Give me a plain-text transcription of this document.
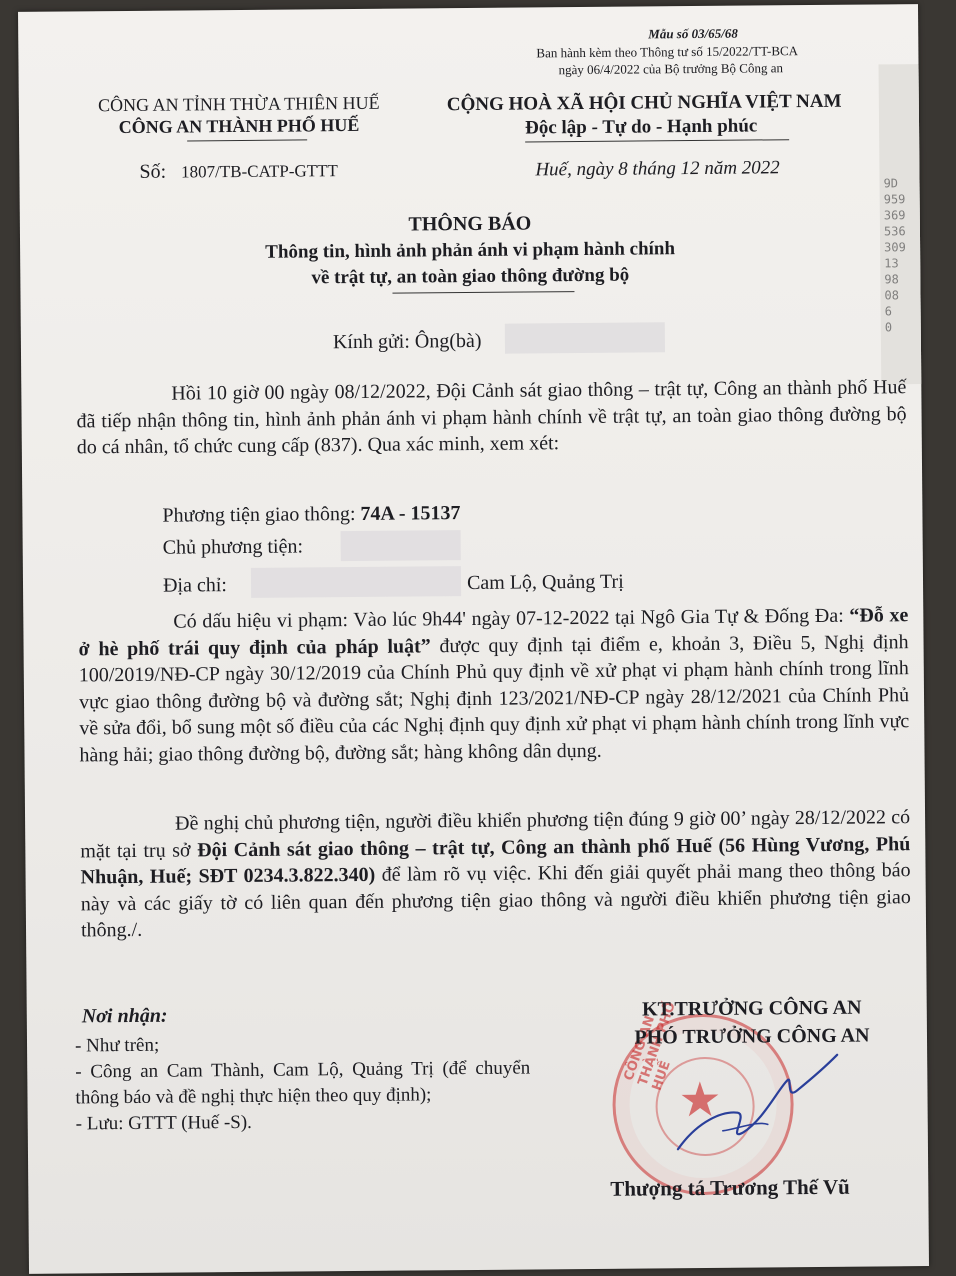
9D
959
369
536
309
13
98
08
6
0
Mẫu số 03/65/68
Ban hành kèm theo Thông tư số 15/2022/TT-BCA
ngày 06/4/2022 của Bộ trưởng Bộ Công an
CÔNG AN TỈNH THỪA THIÊN HUẾ
CÔNG AN THÀNH PHỐ HUẾ
Số: 1807/TB-CATP-GTTT
CỘNG HOÀ XÃ HỘI CHỦ NGHĨA VIỆT NAM
Độc lập - Tự do - Hạnh phúc
Huế, ngày 8 tháng 12 năm 2022
THÔNG BÁO
Thông tin, hình ảnh phản ánh vi phạm hành chính
về trật tự, an toàn giao thông đường bộ
Kính gửi: Ông(bà)
Hồi 10 giờ 00 ngày 08/12/2022, Đội Cảnh sát giao thông – trật tự, Công an thành phố Huế đã tiếp nhận thông tin, hình ảnh phản ánh vi phạm hành chính về trật tự, an toàn giao thông đường bộ do cá nhân, tổ chức cung cấp (837). Qua xác minh, xem xét:
Phương tiện giao thông: 74A - 15137
Chủ phương tiện:
Địa chỉ:	Cam Lộ, Quảng Trị
Có dấu hiệu vi phạm: Vào lúc 9h44' ngày 07-12-2022 tại Ngô Gia Tự & Đống Đa: “Đỗ xe ở hè phố trái quy định của pháp luật” được quy định tại điểm e, khoản 3, Điều 5, Nghị định 100/2019/NĐ-CP ngày 30/12/2019 của Chính Phủ quy định về xử phạt vi phạm hành chính trong lĩnh vực giao thông đường bộ và đường sắt; Nghị định 123/2021/NĐ-CP ngày 28/12/2021 của Chính Phủ về sửa đổi, bổ sung một số điều của các Nghị định quy định xử phạt vi phạm hành chính trong lĩnh vực hàng hải; giao thông đường bộ, đường sắt; hàng không dân dụng.
Đề nghị chủ phương tiện, người điều khiển phương tiện đúng 9 giờ 00’ ngày 28/12/2022 có mặt tại trụ sở Đội Cảnh sát giao thông – trật tự, Công an thành phố Huế (56 Hùng Vương, Phú Nhuận, Huế; SĐT 0234.3.822.340) để làm rõ vụ việc. Khi đến giải quyết phải mang theo thông báo này và các giấy tờ có liên quan đến phương tiện giao thông và người điều khiển phương tiện giao thông./.
Nơi nhận:
- Như trên;
- Công an Cam Thành, Cam Lộ, Quảng Trị (để chuyển thông báo và đề nghị thực hiện theo quy định);
- Lưu: GTTT (Huế -S).	★
CÔNG AN THÀNH PHỐ HUẾ
KT.TRƯỞNG CÔNG AN
PHÓ TRƯỞNG CÔNG AN
Thượng tá Trương Thế Vũ
